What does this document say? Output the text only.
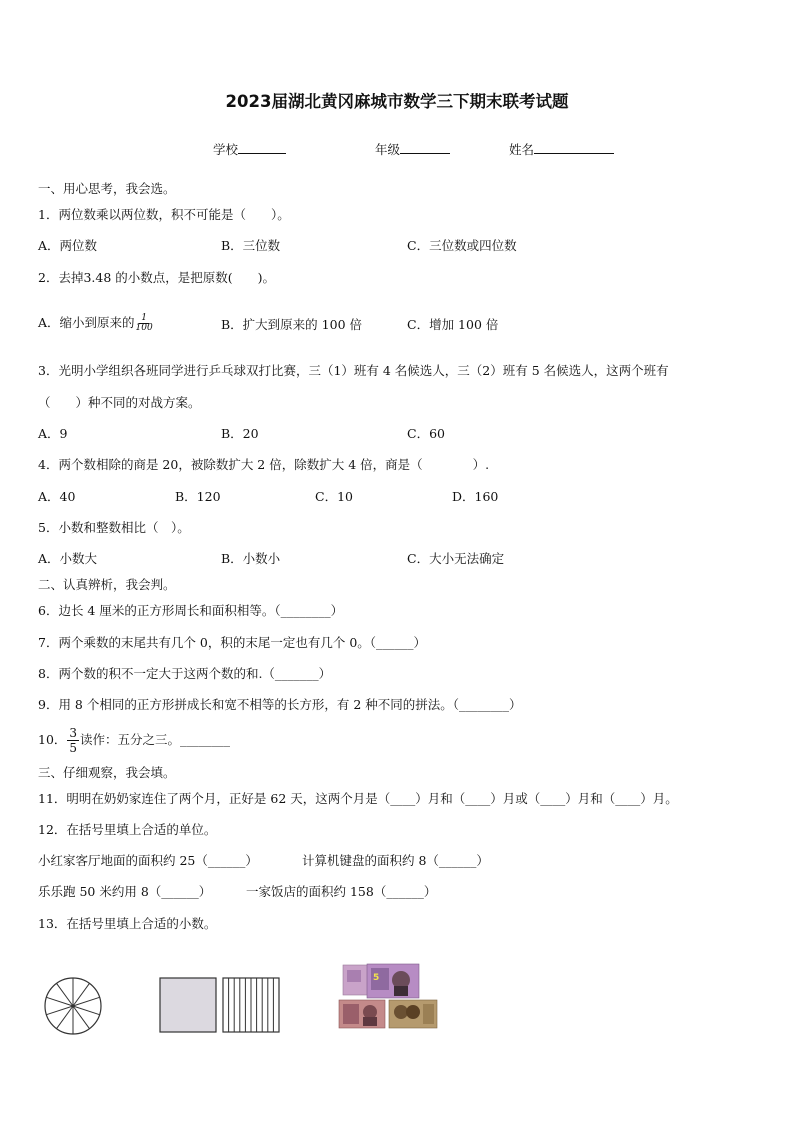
2023届湖北黄冈麻城市数学三下期末联考试题
学校	年级	姓名
一、用心思考，我会选。
1．两位数乘以两位数，积不可能是（　　）。
A．两位数	B．三位数	C．三位数或四位数
2．去掉3.48 的小数点，是把原数(　　)。
A．缩小到原来的 $\frac{1}{100}$	B．扩大到原来的 100 倍	C．增加 100 倍
3．光明小学组织各班同学进行乒乓球双打比赛，三（1）班有 4 名候选人，三（2）班有 5 名候选人，这两个班有
（　　）种不同的对战方案。
A．9	B．20	C．60
4．两个数相除的商是 20，被除数扩大 2 倍，除数扩大 4 倍，商是（　　　　）.
A．40	B．120	C．10	D．160
5．小数和整数相比（　）。
A．小数大	B．小数小	C．大小无法确定
二、认真辨析，我会判。
6．边长 4 厘米的正方形周长和面积相等。（________）
7．两个乘数的末尾共有几个 0，积的末尾一定也有几个 0。（______）
8．两个数的积不一定大于这两个数的和.（_______）
9．用 8 个相同的正方形拼成长和宽不相等的长方形，有 2 种不同的拼法。（________）
10． $\frac{3}{5}$ 读作：五分之三。________
三、仔细观察，我会填。
11．明明在奶奶家连住了两个月，正好是 62 天，这两个月是（____）月和（____）月或（____）月和（____）月。
12．在括号里填上合适的单位。
小红家客厅地面的面积约 25（______）	计算机键盘的面积约 8（______）
乐乐跑 50 米约用 8（______）	一家饭店的面积约 158（______）
13．在括号里填上合适的小数。
5
